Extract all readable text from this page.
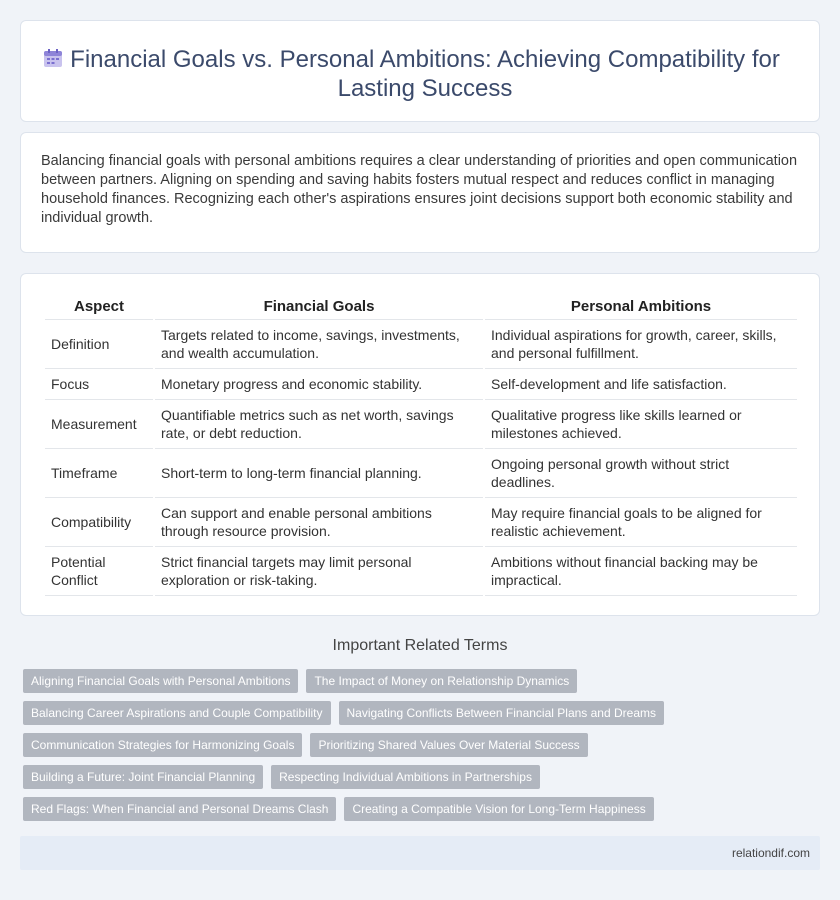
Financial Goals vs. Personal Ambitions: Achieving Compatibility for Lasting Success

Balancing financial goals with personal ambitions requires a clear understanding of priorities and open communication between partners. Aligning on spending and saving habits fosters mutual respect and reduces conflict in managing household finances. Recognizing each other's aspirations ensures joint decisions support both economic stability and individual growth.

Aspect	Financial Goals	Personal Ambitions
Definition	Targets related to income, savings, investments, and wealth accumulation.	Individual aspirations for growth, career, skills, and personal fulfillment.
Focus	Monetary progress and economic stability.	Self-development and life satisfaction.
Measurement	Quantifiable metrics such as net worth, savings rate, or debt reduction.	Qualitative progress like skills learned or milestones achieved.
Timeframe	Short-term to long-term financial planning.	Ongoing personal growth without strict deadlines.
Compatibility	Can support and enable personal ambitions through resource provision.	May require financial goals to be aligned for realistic achievement.
Potential Conflict	Strict financial targets may limit personal exploration or risk-taking.	Ambitions without financial backing may be impractical.
Important Related Terms
Aligning Financial Goals with Personal Ambitions	The Impact of Money on Relationship Dynamics
Balancing Career Aspirations and Couple Compatibility	Navigating Conflicts Between Financial Plans and Dreams
Communication Strategies for Harmonizing Goals	Prioritizing Shared Values Over Material Success
Building a Future: Joint Financial Planning	Respecting Individual Ambitions in Partnerships
Red Flags: When Financial and Personal Dreams Clash	Creating a Compatible Vision for Long-Term Happiness
relationdif.com
